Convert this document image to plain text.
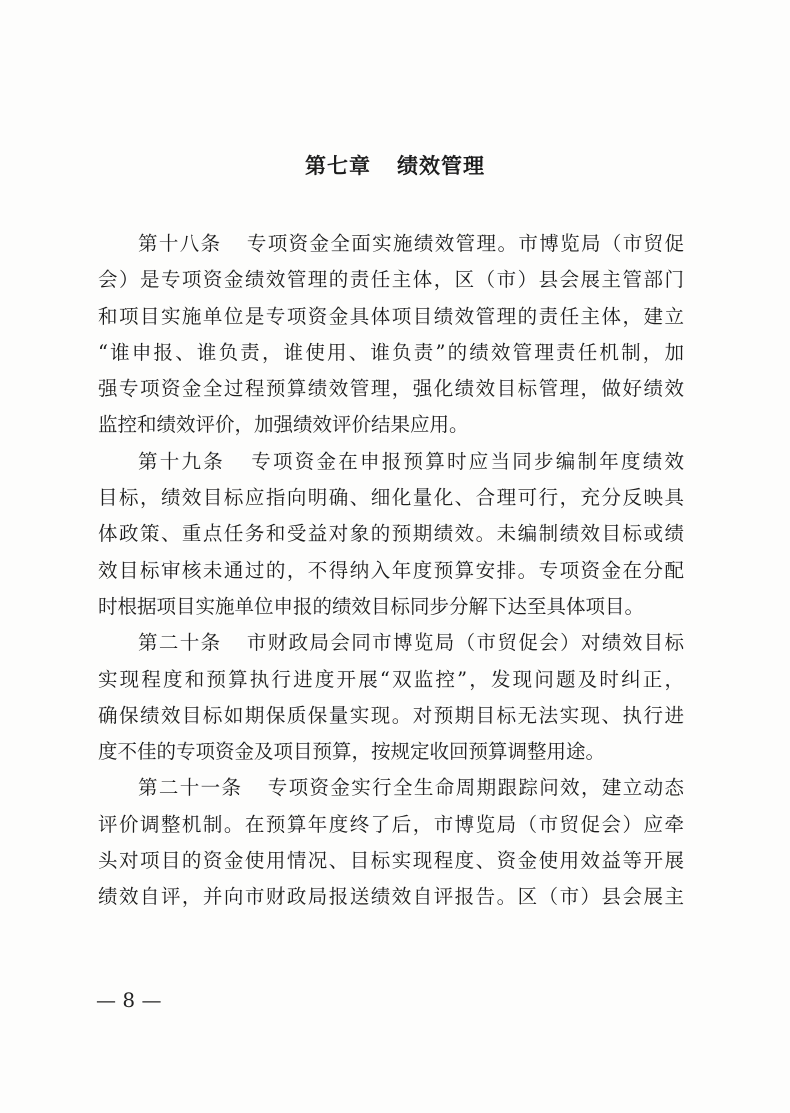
第七章 绩效管理
第十八条 专项资金全面实施绩效管理。市博览局（市贸促
会）是专项资金绩效管理的责任主体，区（市）县会展主管部门
和项目实施单位是专项资金具体项目绩效管理的责任主体，建立
“谁申报、谁负责，谁使用、谁负责”的绩效管理责任机制，加
强专项资金全过程预算绩效管理，强化绩效目标管理，做好绩效
监控和绩效评价，加强绩效评价结果应用。
第十九条 专项资金在申报预算时应当同步编制年度绩效
目标，绩效目标应指向明确、细化量化、合理可行，充分反映具
体政策、重点任务和受益对象的预期绩效。未编制绩效目标或绩
效目标审核未通过的，不得纳入年度预算安排。专项资金在分配
时根据项目实施单位申报的绩效目标同步分解下达至具体项目。
第二十条 市财政局会同市博览局（市贸促会）对绩效目标
实现程度和预算执行进度开展“双监控”，发现问题及时纠正，
确保绩效目标如期保质保量实现。对预期目标无法实现、执行进
度不佳的专项资金及项目预算，按规定收回预算调整用途。
第二十一条 专项资金实行全生命周期跟踪问效，建立动态
评价调整机制。在预算年度终了后，市博览局（市贸促会）应牵
头对项目的资金使用情况、目标实现程度、资金使用效益等开展
绩效自评，并向市财政局报送绩效自评报告。区（市）县会展主
— 8 —
